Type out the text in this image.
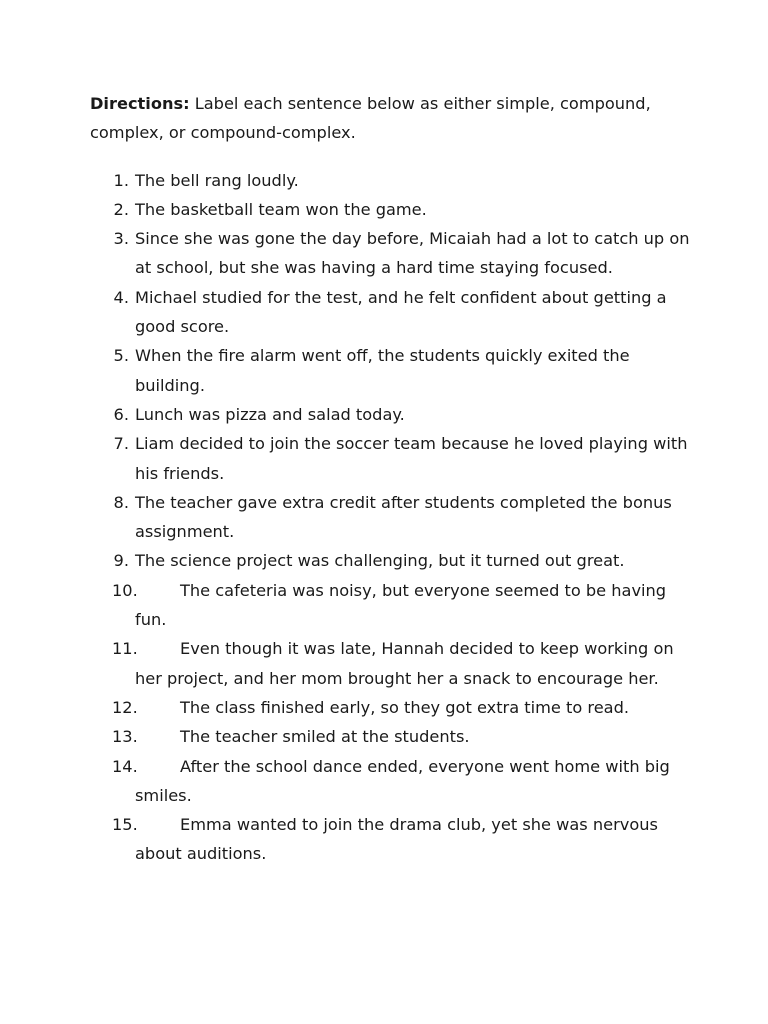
Directions: Label each sentence below as either simple, compound, complex, or compound-complex.

1. The bell rang loudly.
2. The basketball team won the game.
3. Since she was gone the day before, Micaiah had a lot to catch up on at school, but she was having a hard time staying focused.
4. Michael studied for the test, and he felt confident about getting a good score.
5. When the fire alarm went off, the students quickly exited the building.
6. Lunch was pizza and salad today.
7. Liam decided to join the soccer team because he loved playing with his friends.
8. The teacher gave extra credit after students completed the bonus assignment.
9. The science project was challenging, but it turned out great.
10.	The cafeteria was noisy, but everyone seemed to be having fun.
11.	Even though it was late, Hannah decided to keep working on her project, and her mom brought her a snack to encourage her.
12.	The class finished early, so they got extra time to read.
13.	The teacher smiled at the students.
14.	After the school dance ended, everyone went home with big smiles.
15.	Emma wanted to join the drama club, yet she was nervous about auditions.
